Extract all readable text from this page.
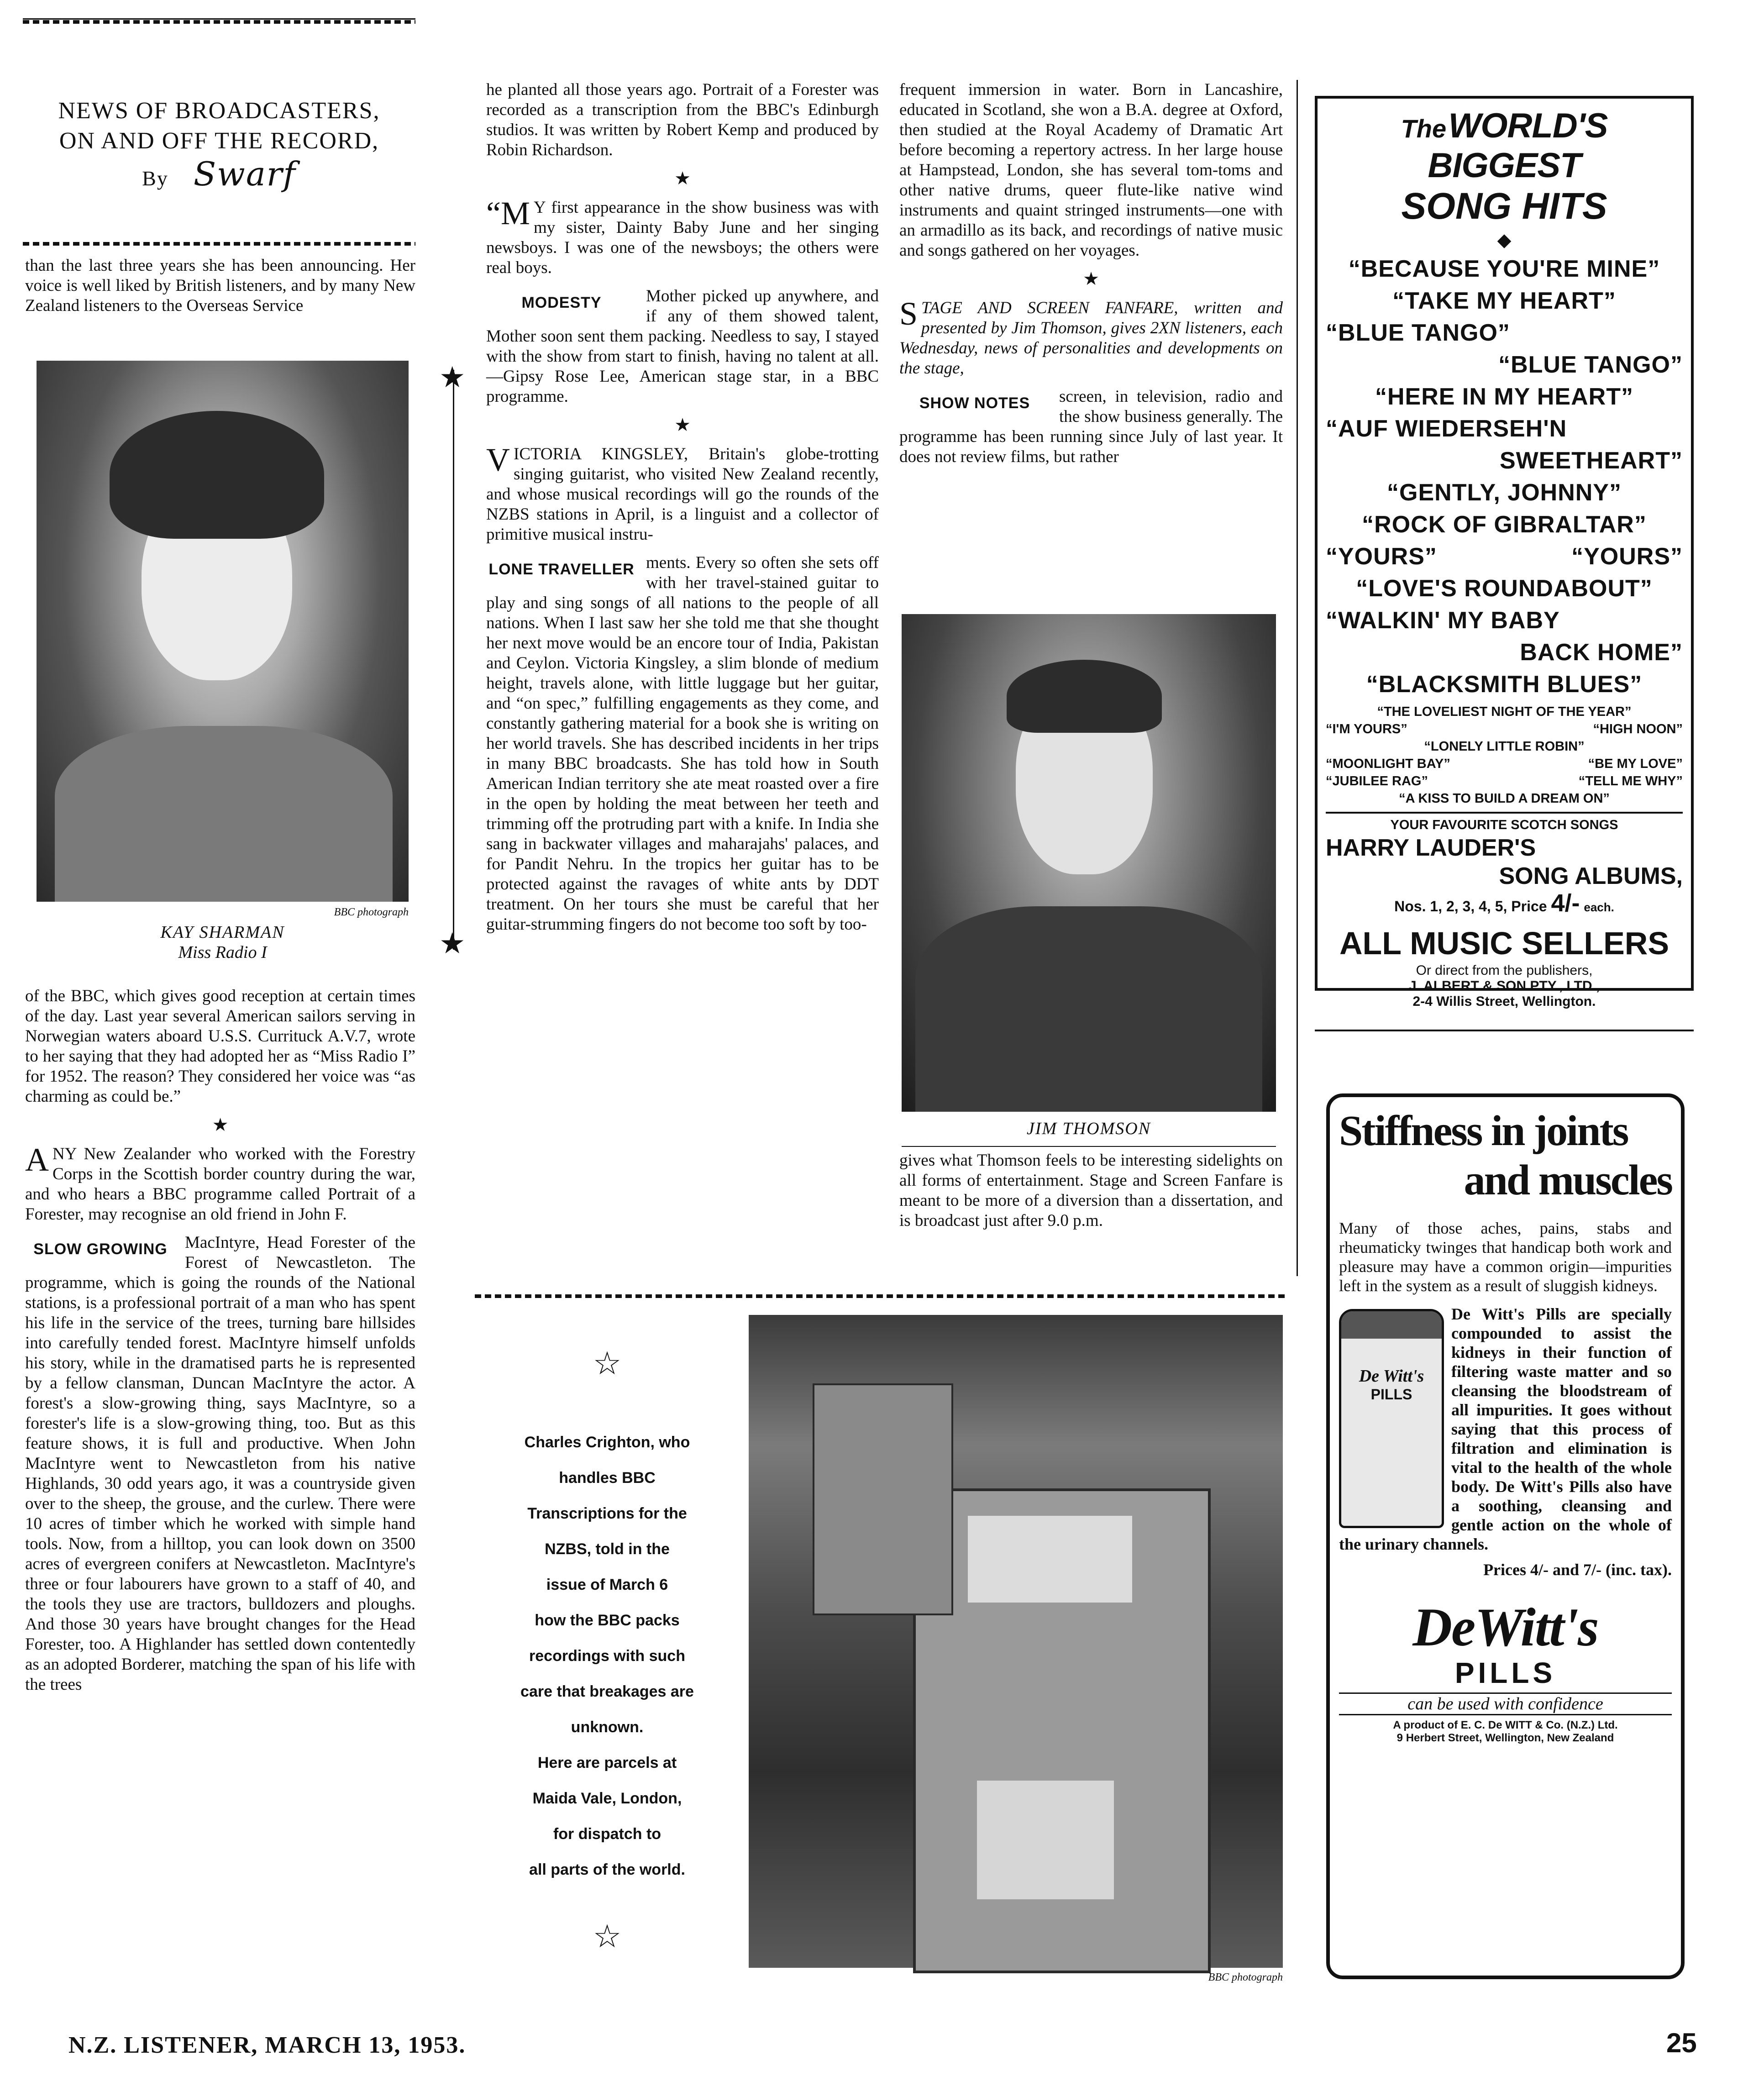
NEWS OF BROADCASTERS,
ON AND OFF THE RECORD,
By Swarf

than the last three years she has been announcing. Her voice is well liked by British listeners, and by many New Zealand listeners to the Overseas Service

BBC photograph
KAY SHARMAN
Miss Radio I

of the BBC, which gives good reception at certain times of the day. Last year several American sailors serving in Norwegian waters aboard U.S.S. Currituck A.V.7, wrote to her saying that they had adopted her as “Miss Radio I” for 1952. The reason? They considered her voice was “as charming as could be.”

★

A NY New Zealander who worked with the Forestry Corps in the Scottish border country during the war, and who hears a BBC programme called Portrait of a Forester, may recognise an old friend in John F.

SLOW GROWING	MacIntyre, Head Forester of the Forest of Newcastleton. The programme, which is going the rounds of the National stations, is a professional portrait of a man who has spent his life in the service of the trees, turning bare hillsides into carefully tended forest. MacIntyre himself unfolds his story, while in the dramatised parts he is represented by a fellow clansman, Duncan MacIntyre the actor. A forest's a slow-growing thing, says MacIntyre, so a forester's life is a slow-growing thing, too. But as this feature shows, it is full and productive. When John MacIntyre went to Newcastleton from his native Highlands, 30 odd years ago, it was a countryside given over to the sheep, the grouse, and the curlew. There were 10 acres of timber which he worked with simple hand tools. Now, from a hilltop, you can look down on 3500 acres of evergreen conifers at Newcastleton. MacIntyre's three or four labourers have grown to a staff of 40, and the tools they use are tractors, bulldozers and ploughs. And those 30 years have brought changes for the Head Forester, too. A Highlander has settled down contentedly as an adopted Borderer, matching the span of his life with the trees

★
★

he planted all those years ago. Portrait of a Forester was recorded as a transcription from the BBC's Edinburgh studios. It was written by Robert Kemp and produced by Robin Richardson.

★

“M Y first appearance in the show business was with my sister, Dainty Baby June and her singing newsboys. I was one of the newsboys; the others were real boys.

MODESTY	Mother picked up anywhere, and if any of them showed talent, Mother soon sent them packing. Needless to say, I stayed with the show from start to finish, having no talent at all.—Gipsy Rose Lee, American stage star, in a BBC programme.

★

V ICTORIA KINGSLEY, Britain's globe-trotting singing guitarist, who visited New Zealand recently, and whose musical recordings will go the rounds of the NZBS stations in April, is a linguist and a collector of primitive musical instru-

LONE TRAVELLER ments. Every so often she sets off with her travel-stained guitar to play and sing songs of all nations to the people of all nations. When I last saw her she told me that she thought her next move would be an encore tour of India, Pakistan and Ceylon. Victoria Kingsley, a slim blonde of medium height, travels alone, with little luggage but her guitar, and “on spec,” fulfilling engagements as they come, and constantly gathering material for a book she is writing on her world travels. She has described incidents in her trips in many BBC broadcasts. She has told how in South American Indian territory she ate meat roasted over a fire in the open by holding the meat between her teeth and trimming off the protruding part with a knife. In India she sang in backwater villages and maharajahs' palaces, and for Pandit Nehru. In the tropics her guitar has to be protected against the ravages of white ants by DDT treatment. On her tours she must be careful that her guitar-strumming fingers do not become too soft by too-

frequent immersion in water. Born in Lancashire, educated in Scotland, she won a B.A. degree at Oxford, then studied at the Royal Academy of Dramatic Art before becoming a repertory actress. In her large house at Hampstead, London, she has several tom-toms and other native drums, queer flute-like native wind instruments and quaint stringed instruments—one with an armadillo as its back, and recordings of native music and songs gathered on her voyages.

★

S TAGE AND SCREEN FANFARE, written and presented by Jim Thomson, gives 2XN listeners, each Wednesday, news of personalities and developments on the stage,

SHOW NOTES	screen, in television, radio and the show business generally. The programme has been running since July of last year. It does not review films, but rather

JIM THOMSON

gives what Thomson feels to be interesting sidelights on all forms of entertainment. Stage and Screen Fanfare is meant to be more of a diversion than a dissertation, and is broadcast just after 9.0 p.m.

☆
Charles Crighton, who
handles BBC
Transcriptions for the
NZBS, told in the
issue of March 6
how the BBC packs
recordings with such
care that breakages are
unknown.
Here are parcels at
Maida Vale, London,
for dispatch to
all parts of the world.
☆
BBC photograph
The WORLD'S BIGGEST
SONG HITS
◆

“BECAUSE YOU'RE MINE”

“TAKE MY HEART”

“BLUE TANGO”

“BLUE TANGO”

“HERE IN MY HEART”

“AUF WIEDERSEH'N

SWEETHEART”

“GENTLY, JOHNNY”

“ROCK OF GIBRALTAR”

“YOURS”	“YOURS”

“LOVE'S ROUNDABOUT”

“WALKIN' MY BABY

BACK HOME”

“BLACKSMITH BLUES”

“THE LOVELIEST NIGHT OF THE YEAR”

“I'M YOURS”	“HIGH NOON”

“LONELY LITTLE ROBIN”

“MOONLIGHT BAY”	“BE MY LOVE”
“JUBILEE RAG”	“TELL ME WHY”

“A KISS TO BUILD A DREAM ON”

YOUR FAVOURITE SCOTCH SONGS

HARRY LAUDER'S

SONG ALBUMS,

Nos. 1, 2, 3, 4, 5, Price 4/- each.

ALL MUSIC SELLERS

Or direct from the publishers,

J. ALBERT & SON PTY., LTD.,

2-4 Willis Street, Wellington.

Stiffness in joints
and muscles

Many of those aches, pains, stabs and rheumaticky twinges that handicap both work and pleasure may have a common origin—impurities left in the system as a result of sluggish kidneys.

De Witt's
PILLS

De Witt's Pills are specially compounded to assist the kidneys in their function of filtering waste matter and so cleansing the bloodstream of all impurities. It goes without saying that this process of filtration and elimination is vital to the health of the whole body. De Witt's Pills also have a soothing, cleansing and gentle action on the whole of the urinary channels.

Prices 4/- and 7/- (inc. tax).

DeWitt's
PILLS
can be used with confidence
A product of E. C. De WITT & Co. (N.Z.) Ltd.
9 Herbert Street, Wellington, New Zealand
N.Z. LISTENER, MARCH 13, 1953.	25
